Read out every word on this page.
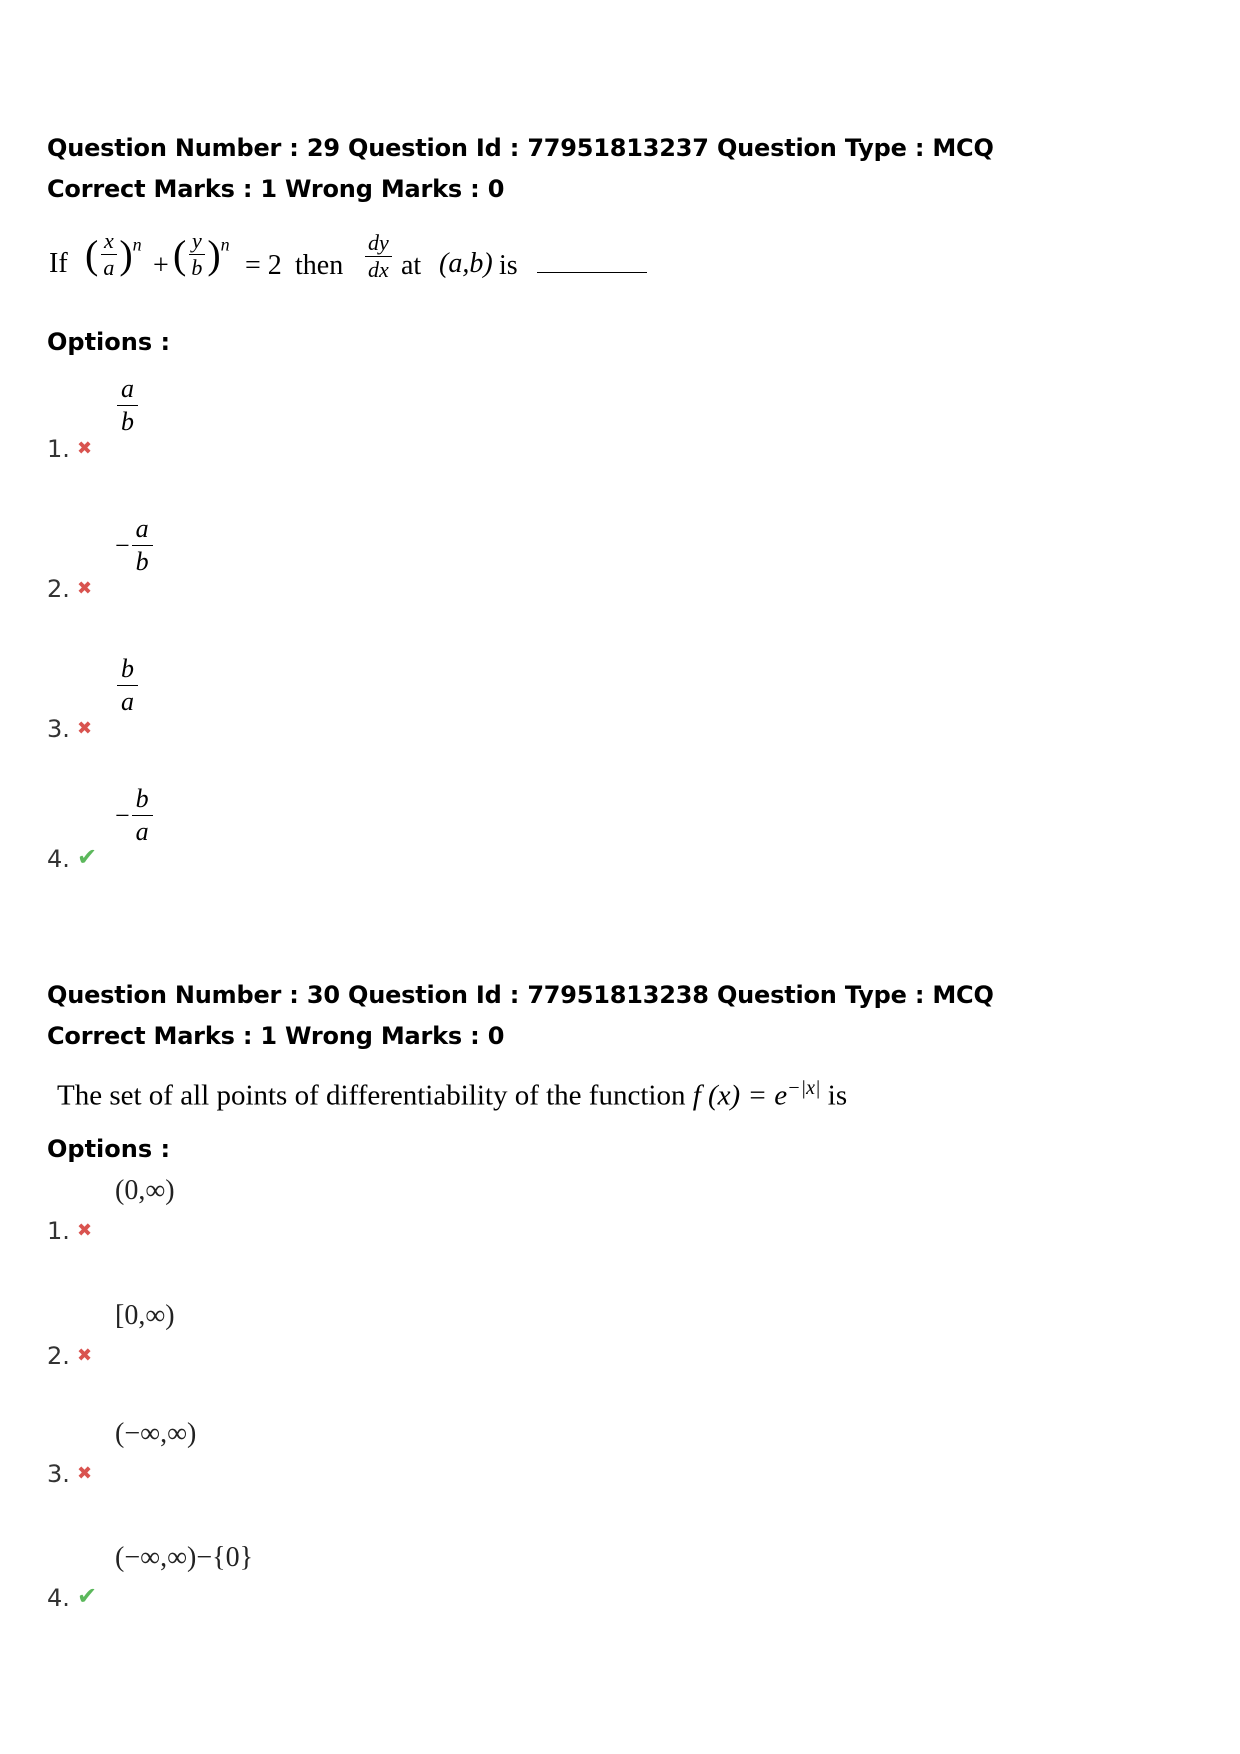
Question Number : 29 Question Id : 77951813237 Question Type : MCQ
Correct Marks : 1 Wrong Marks : 0
If ( $\frac{x}{a} )^n$
+ ( $\frac{y}{b} )^n$
= 2 then $\frac{dy}{dx}$ at (a,b) is
Options :
1. ✖
$\frac{a}{b}$
2. ✖
− $\frac{a}{b}$
3. ✖
$\frac{b}{a}$
4. ✔
− $\frac{b}{a}$
Question Number : 30 Question Id : 77951813238 Question Type : MCQ
Correct Marks : 1 Wrong Marks : 0
The set of all points of differentiability of the function f $(x) = e^{-|x|}$ is
Options :
1. ✖
(0,∞)
2. ✖
[0,∞)
3. ✖
(−∞,∞)
4. ✔
(−∞,∞)−{0}
